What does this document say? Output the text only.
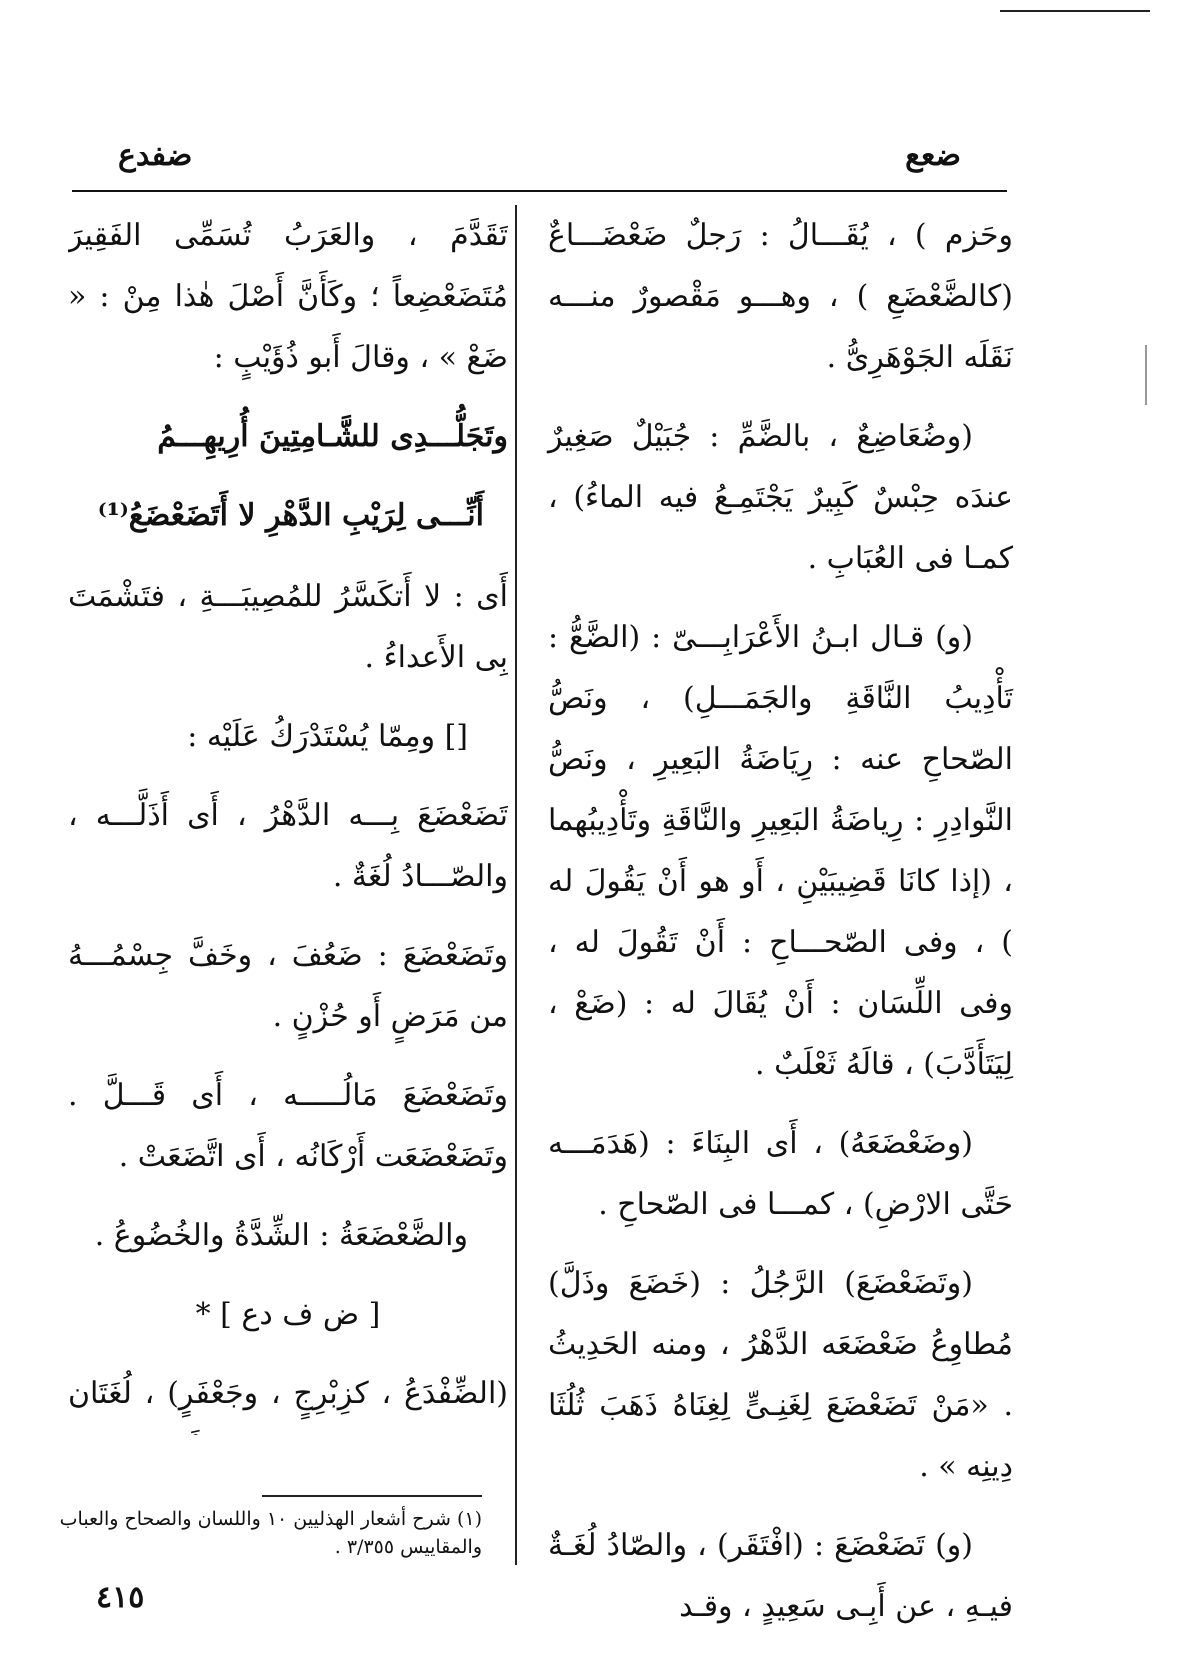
ضعع
ضفدع

وحَزم ) ، يُقَـــالُ : رَجلٌ ضَعْضَـــاعٌ (كالضَّعْضَعِ ) ، وهـــو مَقْصورٌ منـــه نَقَلَه الجَوْهَرِىُّ .

(وضُعَاضِعٌ ، بالضَّمِّ : جُبَيْلٌ صَغِيرٌ عندَه حِبْسٌ كَبِيرٌ يَجْتَمِـعُ فيه الماءُ) ، كمـا فى العُبَابِ .

(و) قـال ابـنُ الأَعْرَابِـــىّ : (الضَّعُّ : تَأْدِيبُ النَّاقَةِ والجَمَـــلِ) ، ونَصُّ الصّحاحِ عنه : رِيَاضَةُ البَعِيرِ ، ونَصُّ النَّوادِرِ : رِياضَةُ البَعِيرِ والنَّاقَةِ وتَأْدِيبُهما ، (إذا كانَا قَضِيبَيْنِ ، أَو هو أَنْ يَقُولَ له ) ، وفى الصّحـــاحِ : أَنْ تَقُولَ له ، وفى اللِّسَان : أَنْ يُقَالَ له : (ضَعْ ، لِيَتَأَدَّبَ) ، قالَهُ ثَعْلَبٌ .

(وضَعْضَعَهُ) ، أَى البِنَاءَ : (هَدَمَـــه حَتَّى الارْضِ) ، كمـــا فى الصّحاحِ .

(وتَضَعْضَعَ) الرَّجُلُ : (خَضَعَ وذَلَّ) مُطاوِعُ ضَعْضَعَه الدَّهْرُ ، ومنه الحَدِيثُ . «مَنْ تَضَعْضَعَ لِغَنِـىٍّ لِغِنَاهُ ذَهَبَ ثُلُثَا دِينِه » .

(و) تَضَعْضَعَ : (افْتَقَر) ، والصّادُ لُغَـةٌ فيـهِ ، عن أَبِـى سَعِيدٍ ، وقـد

تَقَدَّمَ ، والعَرَبُ تُسَمِّى الفَقِيرَ مُتَضَعْضِعاً ؛ وكَأَنَّ أَصْلَ هٰذا مِنْ : « ضَعْ » ، وقالَ أَبو ذُؤَيْبٍ :

وتَجَلُّـــدِى للشَّـامِتِينَ أُرِيهِـــمُ

أَنِّـــى لِرَيْبِ الدَّهْرِ لا أَتَضَعْضَعُ⁽¹⁾

أَى : لا أَتكَسَّرُ للمُصِيبَـــةِ ، فتَشْمَتَ بِى الأَعداءُ .

[] ومِمّا يُسْتَدْرَكُ عَلَيْه :

تَضَعْضَعَ بِـــه الدَّهْرُ ، أَى أَذَلَّـــه ، والصّـــادُ لُغَةٌ .

وتَضَعْضَعَ : ضَعُفَ ، وخَفَّ جِسْمُـــهُ من مَرَضٍ أَو حُزْنٍ .

وتَضَعْضَعَ مَالُـــــه ، أَى قَـــلَّ . وتَضَعْضَعَت أَرْكَانُه ، أَى اتَّضَعَتْ .

والضَّعْضَعَةُ : الشِّدَّةُ والخُضُوعُ .

[ ض ف دع ] *

(الضِّفْدَعُ ، كزِبْرِجٍ ، وجَعْفَرٍ) ، لُغَتَان

(١) شرح أشعار الهذليين ١٠ واللسان والصحاح والعباب والمقاييس ٣/٣٥٥ .
٤١٥
